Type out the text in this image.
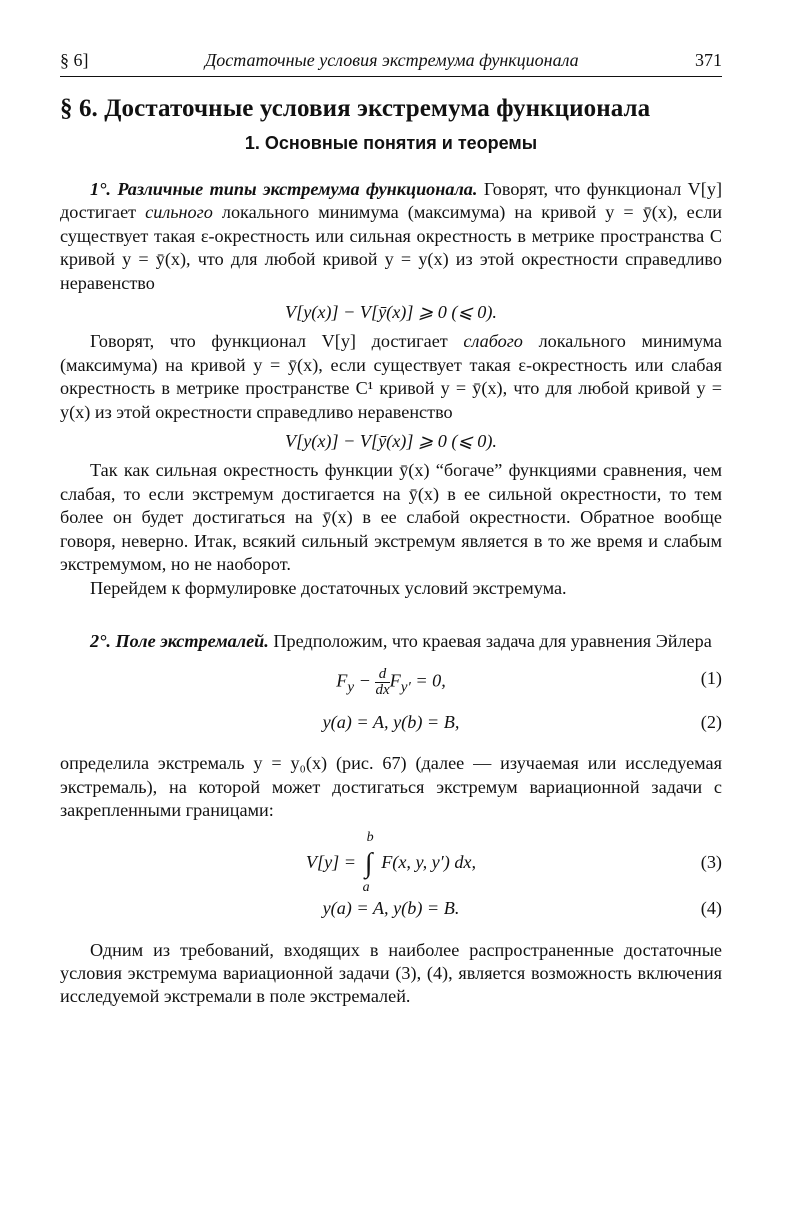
§ 6]	Достаточные условия экстремума функционала	371
§ 6. Достаточные условия экстремума функционала
1. Основные понятия и теоремы

1°. Различные типы экстремума функционала. Говорят, что функционал V[y] достигает сильного локального минимума (максимума) на кривой y = ȳ(x), если существует такая ε-окрестность или сильная окрестность в метрике пространства C кривой y = ȳ(x), что для любой кривой y = y(x) из этой окрестности справедливо неравенство

V[y(x)] − V[ȳ(x)] ⩾ 0 (⩽ 0).

Говорят, что функционал V[y] достигает слабого локального минимума (максимума) на кривой y = ȳ(x), если существует такая ε-окрестность или слабая окрестность в метрике пространстве C¹ кривой y = ȳ(x), что для любой кривой y = y(x) из этой окрестности справедливо неравенство

V[y(x)] − V[ȳ(x)] ⩾ 0 (⩽ 0).

Так как сильная окрестность функции ȳ(x) “богаче” функциями сравнения, чем слабая, то если экстремум достигается на ȳ(x) в ее сильной окрестности, то тем более он будет достигаться на ȳ(x) в ее слабой окрестности. Обратное вообще говоря, неверно. Итак, всякий сильный экстремум является в то же время и слабым экстремумом, но не наоборот.

Перейдем к формулировке достаточных условий экстремума.

2°. Поле экстремалей. Предположим, что краевая задача для уравнения Эйлера

$F_y - \frac{d}{dx} F_{y'} = 0$,	(1)
y(a) = A, y(b) = B,	(2)

определила экстремаль y = y₀(x) (рис. 67) (далее — изучаемая или исследуемая экстремаль), на которой может достигаться экстремум вариационной задачи с закрепленными границами:

V[y] = ∫
b
a
F(x, y, y′) dx,	(3)
y(a) = A, y(b) = B.	(4)

Одним из требований, входящих в наиболее распространенные достаточные условия экстремума вариационной задачи (3), (4), является возможность включения исследуемой экстремали в поле экстремалей.
